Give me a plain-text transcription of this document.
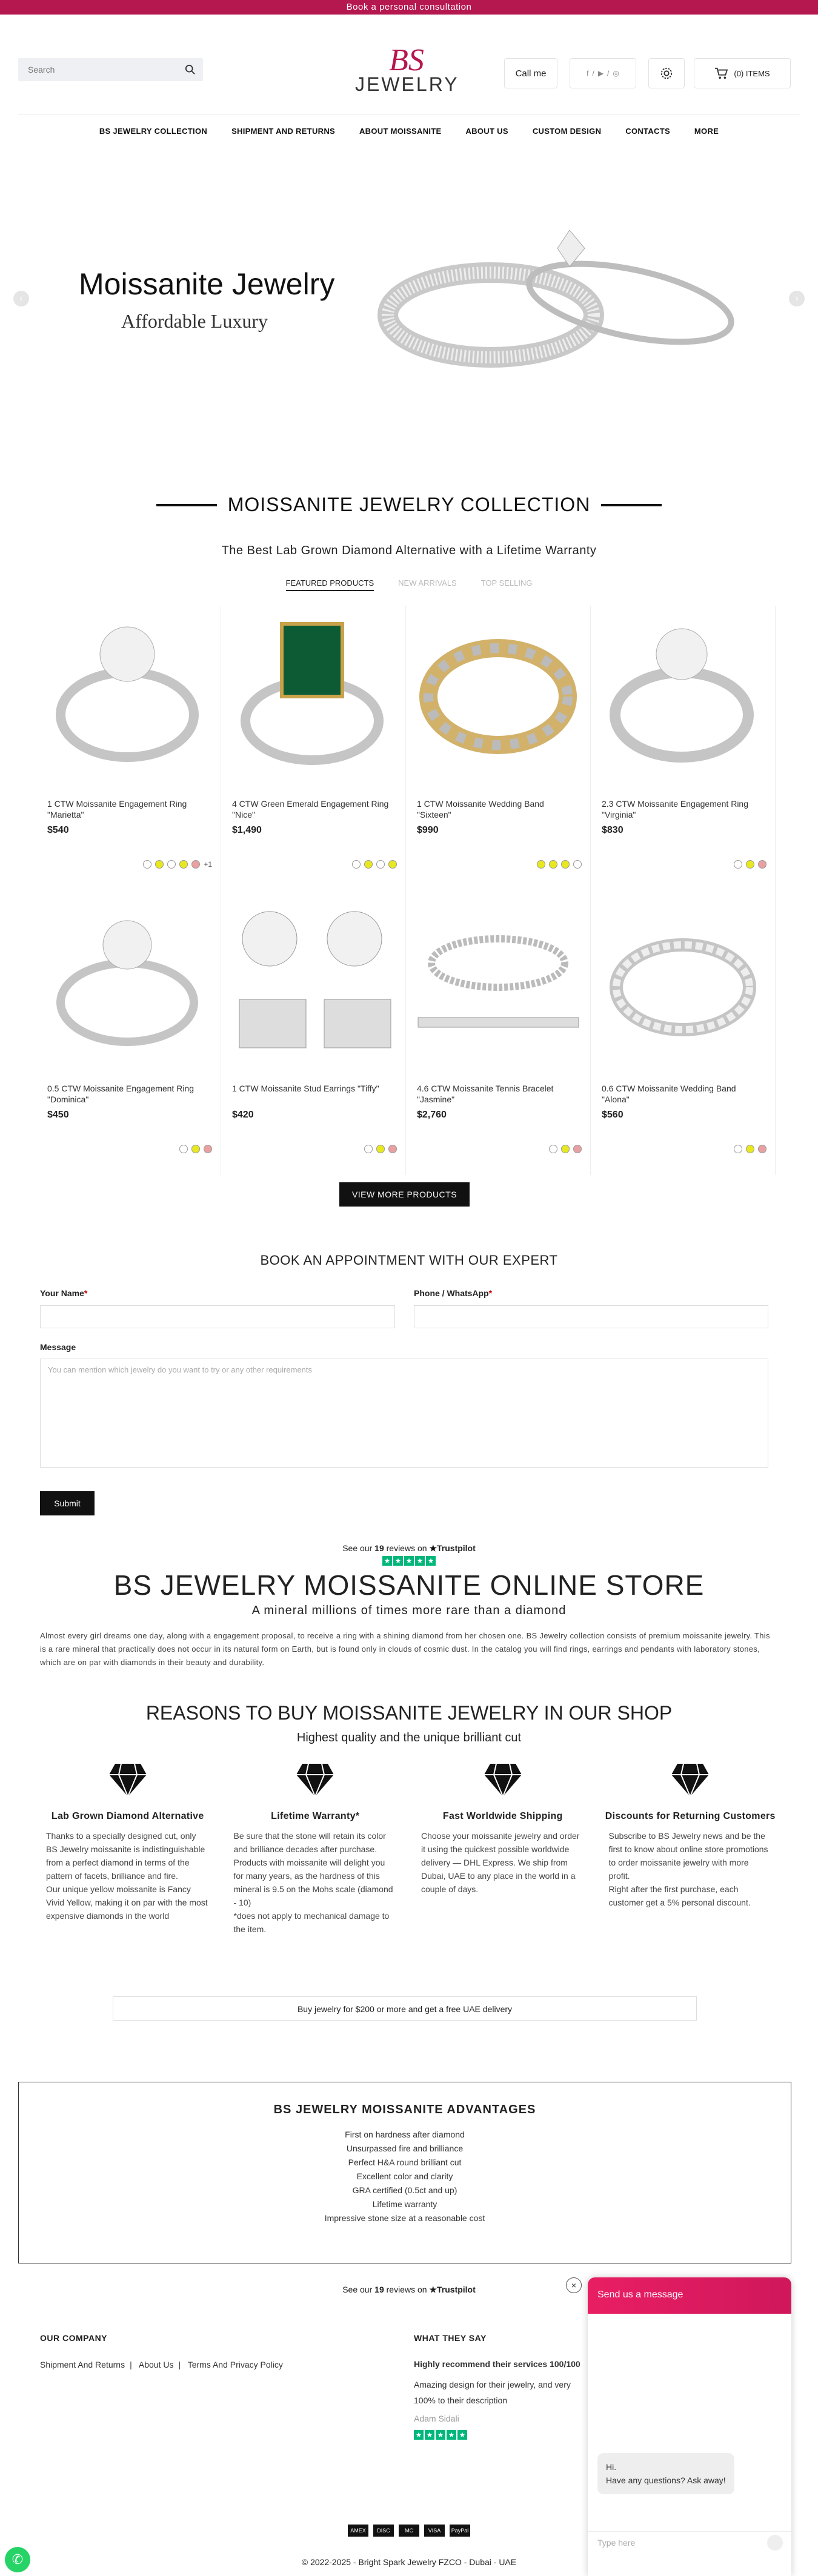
Book a personal consultation
Search
BS
JEWELRY	Call me	f / ▶ / ◎	(0) ITEMS
BS JEWELRY COLLECTION	SHIPMENT AND RETURNS	ABOUT MOISSANITE	ABOUT US	CUSTOM DESIGN	CONTACTS	MORE
‹	›
Moissanite Jewelry
Affordable Luxury
MOISSANITE JEWELRY COLLECTION
The Best Lab Grown Diamond Alternative with a Lifetime Warranty
FEATURED PRODUCTS	NEW ARRIVALS	TOP SELLING
1 CTW Moissanite Engagement Ring "Marietta"
$540
+1
4 CTW Green Emerald Engagement Ring "Nice"
$1,490
1 CTW Moissanite Wedding Band "Sixteen"
$990
2.3 CTW Moissanite Engagement Ring "Virginia"
$830
0.5 CTW Moissanite Engagement Ring "Dominica"
$450
1 CTW Moissanite Stud Earrings "Tiffy"
$420
4.6 CTW Moissanite Tennis Bracelet "Jasmine"
$2,760
0.6 CTW Moissanite Wedding Band "Alona"
$560
VIEW MORE PRODUCTS
BOOK AN APPOINTMENT WITH OUR EXPERT
Your Name*	Phone / WhatsApp*
Message
You can mention which jewelry do you want to try or any other requirements
Submit
See our 19 reviews on ★Trustpilot

★ ★ ★ ★ ★
BS JEWELRY MOISSANITE ONLINE STORE
A mineral millions of times more rare than a diamond
Almost every girl dreams one day, along with a engagement proposal, to receive a ring with a shining diamond from her chosen one. BS Jewelry collection consists of premium moissanite jewelry. This is a rare mineral that practically does not occur in its natural form on Earth, but is found only in clouds of cosmic dust. In the catalog you will find rings, earrings and pendants with laboratory stones, which are on par with diamonds in their beauty and durability.
REASONS TO BUY MOISSANITE JEWELRY IN OUR SHOP
Highest quality and the unique brilliant cut
Lab Grown Diamond Alternative

Thanks to a specially designed cut, only BS Jewelry moissanite is indistinguishable from a perfect diamond in terms of the pattern of facets, brilliance and fire.

Our unique yellow moissanite is Fancy Vivid Yellow, making it on par with the most expensive diamonds in the world

Lifetime Warranty*

Be sure that the stone will retain its color and brilliance decades after purchase.

Products with moissanite will delight you for many years, as the hardness of this mineral is 9.5 on the Mohs scale (diamond - 10)

*does not apply to mechanical damage to the item.

Fast Worldwide Shipping

Choose your moissanite jewelry and order it using the quickest possible worldwide delivery — DHL Express. We ship from Dubai, UAE to any place in the world in a couple of days.

Discounts for Returning Customers

Subscribe to BS Jewelry news and be the first to know about online store promotions to order moissanite jewelry with more profit.

Right after the first purchase, each customer get a 5% personal discount.

Buy jewelry for $200 or more and get a free UAE delivery
BS JEWELRY MOISSANITE ADVANTAGES
First on hardness after diamond
Unsurpassed fire and brilliance
Perfect H&A round brilliant cut
Excellent color and clarity
GRA certified (0.5ct and up)
Lifetime warranty
Impressive stone size at a reasonable cost
See our 19 reviews on ★Trustpilot
OUR COMPANY
Shipment And Returns | About Us | Terms And Privacy Policy
WHAT THEY SAY
Highly recommend their services 100/100
Amazing design for their jewelry, and very 100% to their description
Adam Sidali
★ ★ ★ ★ ★
AMEX	DISC	MC	VISA	PayPal
© 2022-2025 - Bright Spark Jewelry FZCO - Dubai - UAE
×
Send us a message
Hi.
Have any questions? Ask away!
Type here
✆
